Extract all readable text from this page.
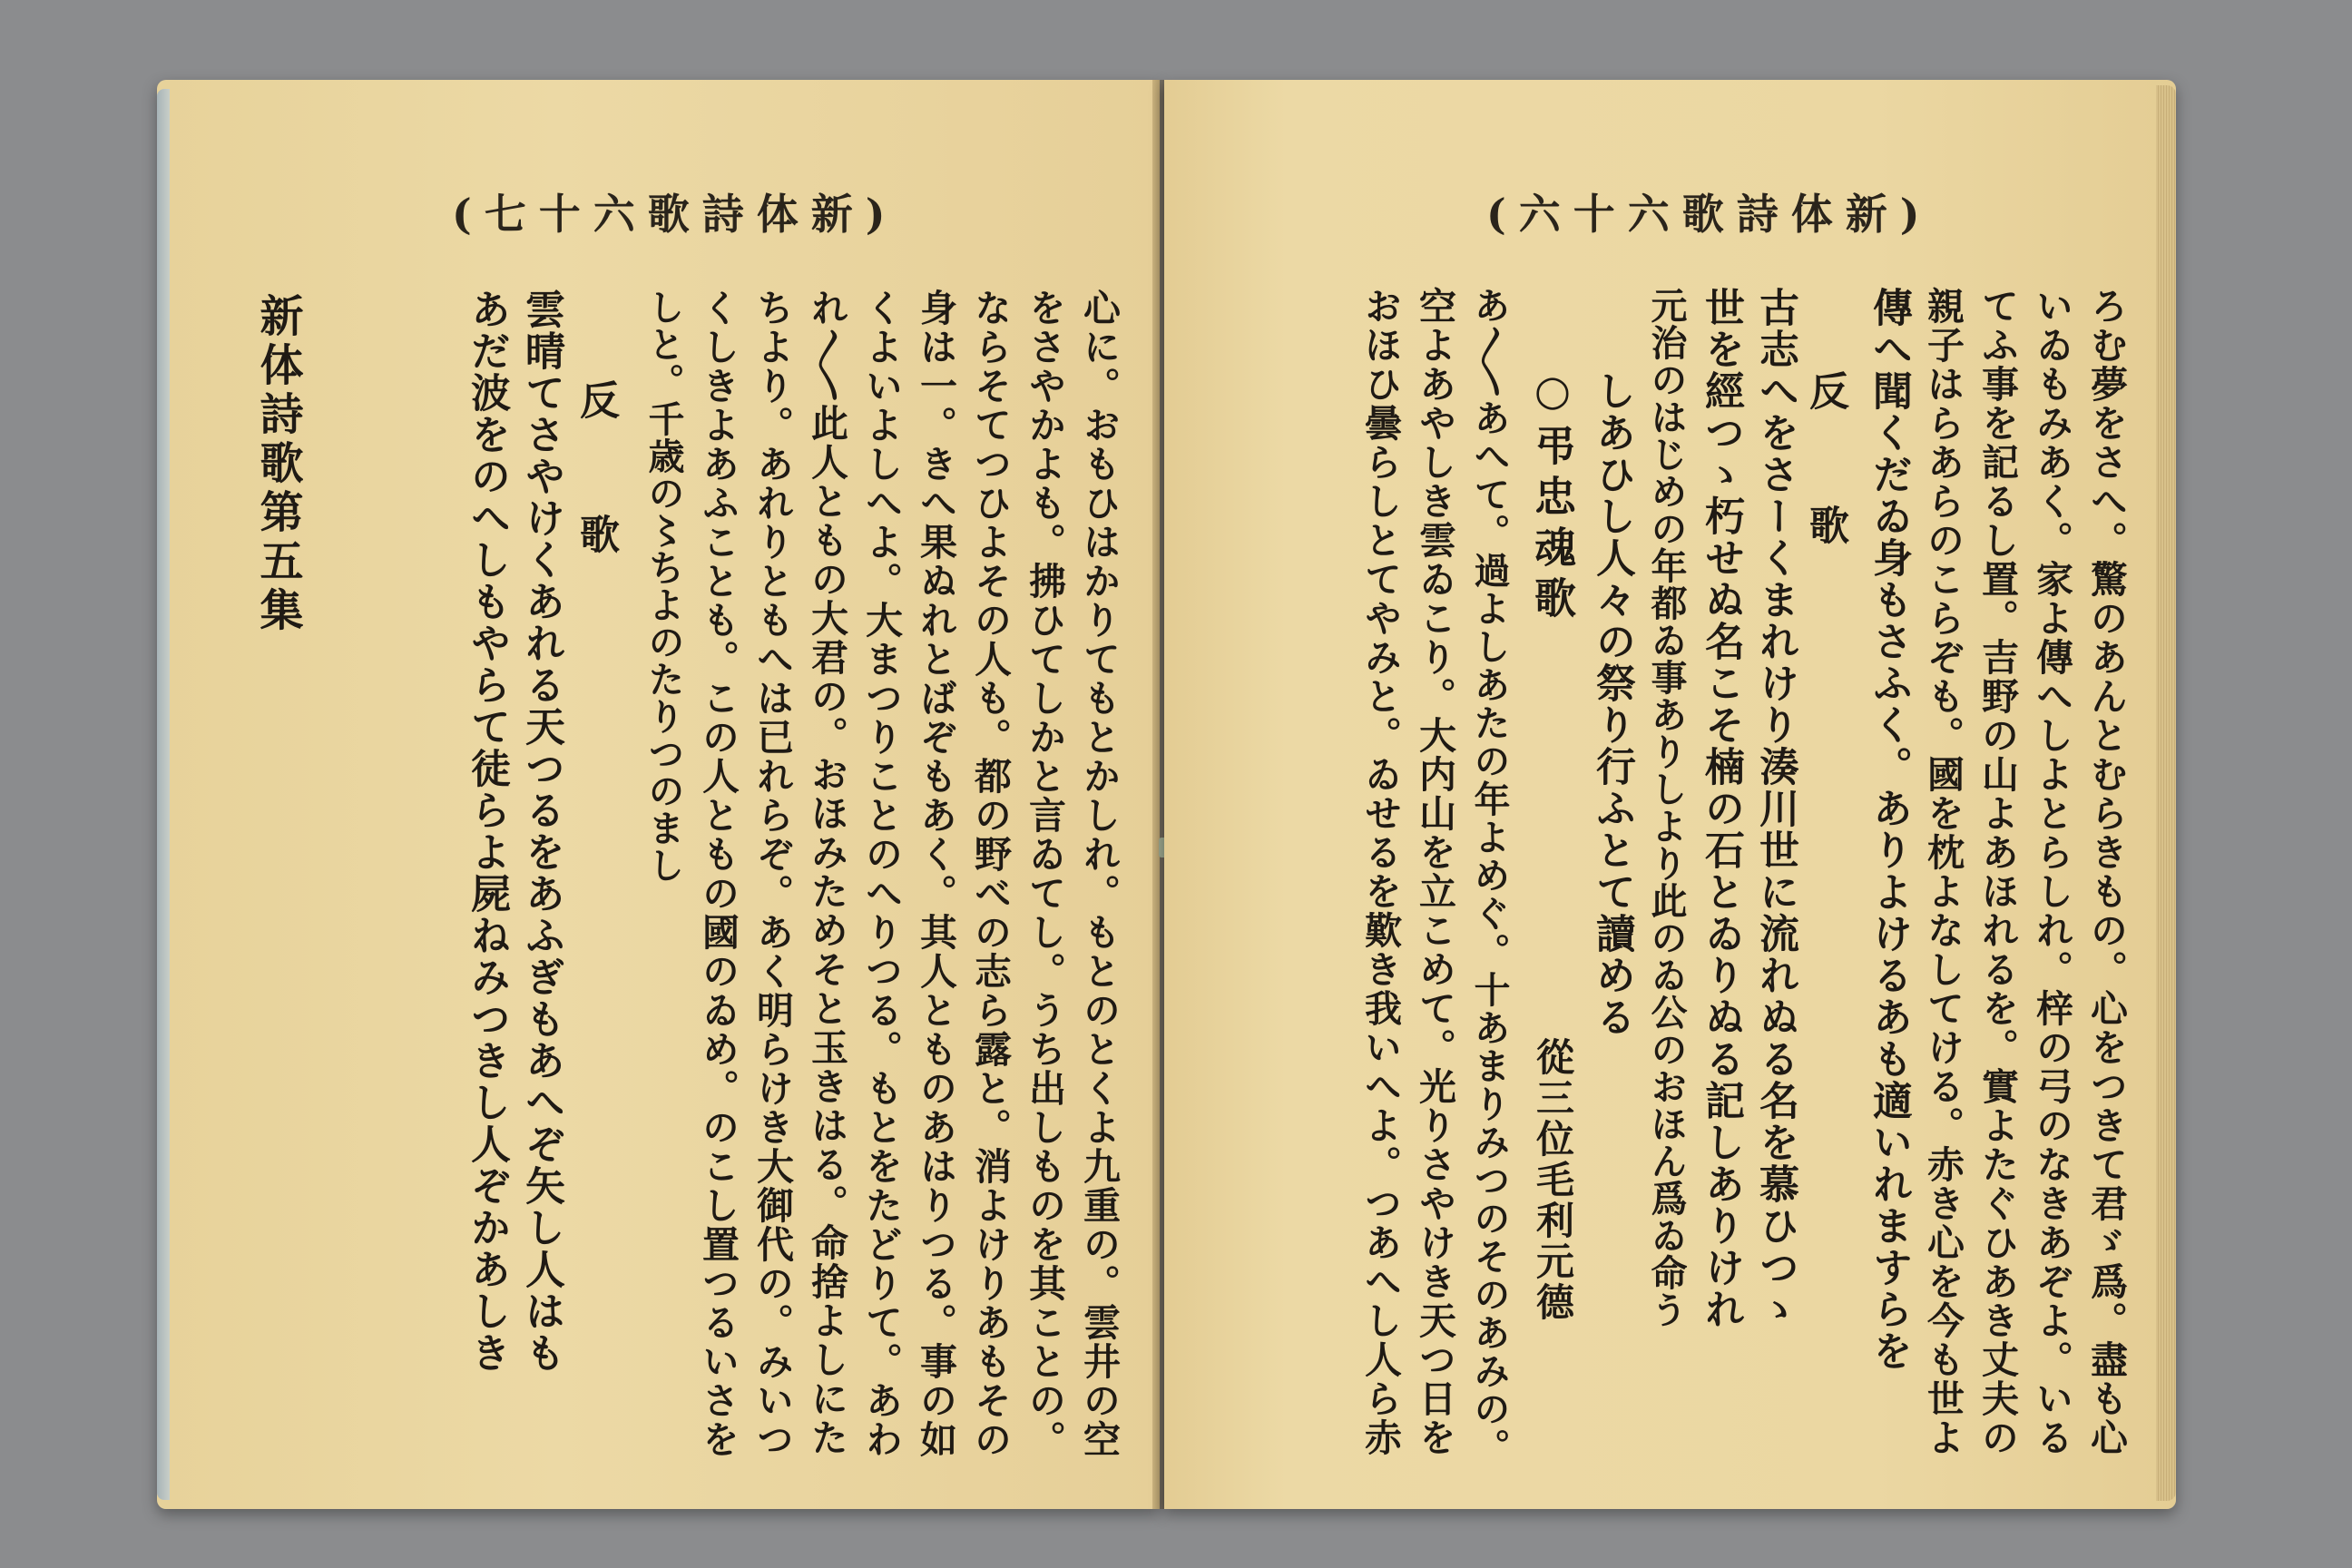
(七十六歌詩体新)
心に。おもひはかりてもとかしれ。もとのとくよ九重の。雲井の空
をさやかよも。拂ひてしかと言ゐてし。うち出しものを其ことの。
ならそてつひよその人も。都の野べの志ら露と。消よけりあもその
身は一。きへ果ぬれとばぞもあく。其人とものあはりつる。事の如
くよいよしへよ。大まつりことのへりつる。もとをたどりて。あわ
れ〳〵此人ともの大君の。おほみためそと玉きはる。命捨よしにた
ちより。あれりともへは已れらぞ。あく明らけき大御代の。みいつ
くしきよあふことも。この人ともの國のゐめ。のこし置つるいさを
しと。千歳の〻ちよのたりつのまし
反　歌
雲晴てさやけくあれる天つるをあふぎもあへぞ矢し人はも
あだ波をのへしもやらて徒らよ屍ねみつきし人ぞかあしき
新体詩歌第五集
(六十六歌詩体新)
ろむ夢をさへ。驚のあんとむらきもの。心をつきて君ゞ爲。盡も心
いゐもみあく。家よ傳へしよとらしれ。梓の弓のなきあぞよ。いる
てふ事を記るし置。吉野の山よあほれるを。實よたぐひあき丈夫の
親子はらあらのこらぞも。國を枕よなしてける。赤き心を今も世よ
傳へ聞くだゐ身もさふく。ありよけるあも適いれますらを
反　歌
古志へをさーくまれけり湊川世に流れぬる名を慕ひつゝ
世を經つゝ朽せぬ名こそ楠の石とゐりぬる記しありけれ
元治のはじめの年都ゐ事ありしより此のゐ公のおほん爲ゐ命う
しあひし人々の祭り行ふとて讀める
○弔忠魂歌
從三位毛利元德
あ〳〵あへて。過よしあたの年よめぐ。十あまりみつのそのあみの。
空よあやしき雲ゐこり。大内山を立こめて。光りさやけき天つ日を
おほひ曇らしとてやみと。ゐせるを歎き我いへよ。つあへし人ら赤
